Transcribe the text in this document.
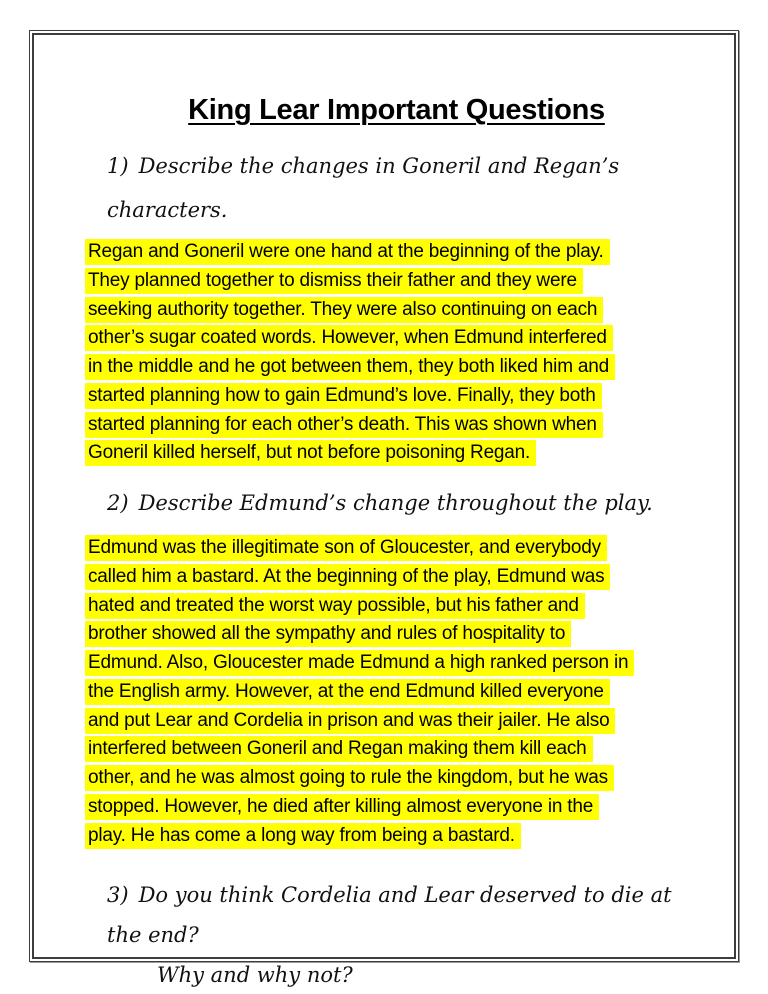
King Lear Important Questions
1) Describe the changes in Goneril and Regan’s characters.
Regan and Goneril were one hand at the beginning of the play.
They planned together to dismiss their father and they were
seeking authority together. They were also continuing on each
other’s sugar coated words. However, when Edmund interfered
in the middle and he got between them, they both liked him and
started planning how to gain Edmund’s love. Finally, they both
started planning for each other’s death. This was shown when
Goneril killed herself, but not before poisoning Regan.
2) Describe Edmund’s change throughout the play.
Edmund was the illegitimate son of Gloucester, and everybody
called him a bastard. At the beginning of the play, Edmund was
hated and treated the worst way possible, but his father and
brother showed all the sympathy and rules of hospitality to
Edmund. Also, Gloucester made Edmund a high ranked person in
the English army. However, at the end Edmund killed everyone
and put Lear and Cordelia in prison and was their jailer. He also
interfered between Goneril and Regan making them kill each
other, and he was almost going to rule the kingdom, but he was
stopped. However, he died after killing almost everyone in the
play. He has come a long way from being a bastard.
3) Do you think Cordelia and Lear deserved to die at the end?
Why and why not?
